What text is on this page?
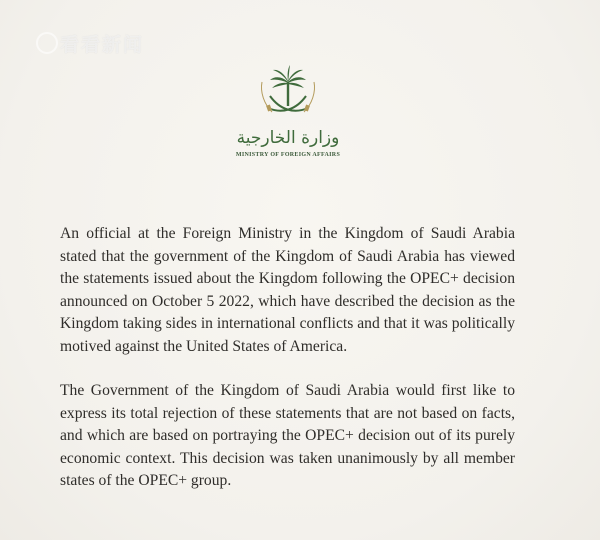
看看新闻
وزارة الخارجية
MINISTRY OF FOREIGN AFFAIRS

An official at the Foreign Ministry in the Kingdom of Saudi Arabia stated that the government of the Kingdom of Saudi Arabia has viewed the statements issued about the Kingdom following the OPEC+ decision announced on October 5 2022, which have described the decision as the Kingdom taking sides in international conflicts and that it was politically motived against the United States of America.

The Government of the Kingdom of Saudi Arabia would first like to express its total rejection of these statements that are not based on facts, and which are based on portraying the OPEC+ decision out of its purely economic context. This decision was taken unanimously by all member states of the OPEC+ group.
